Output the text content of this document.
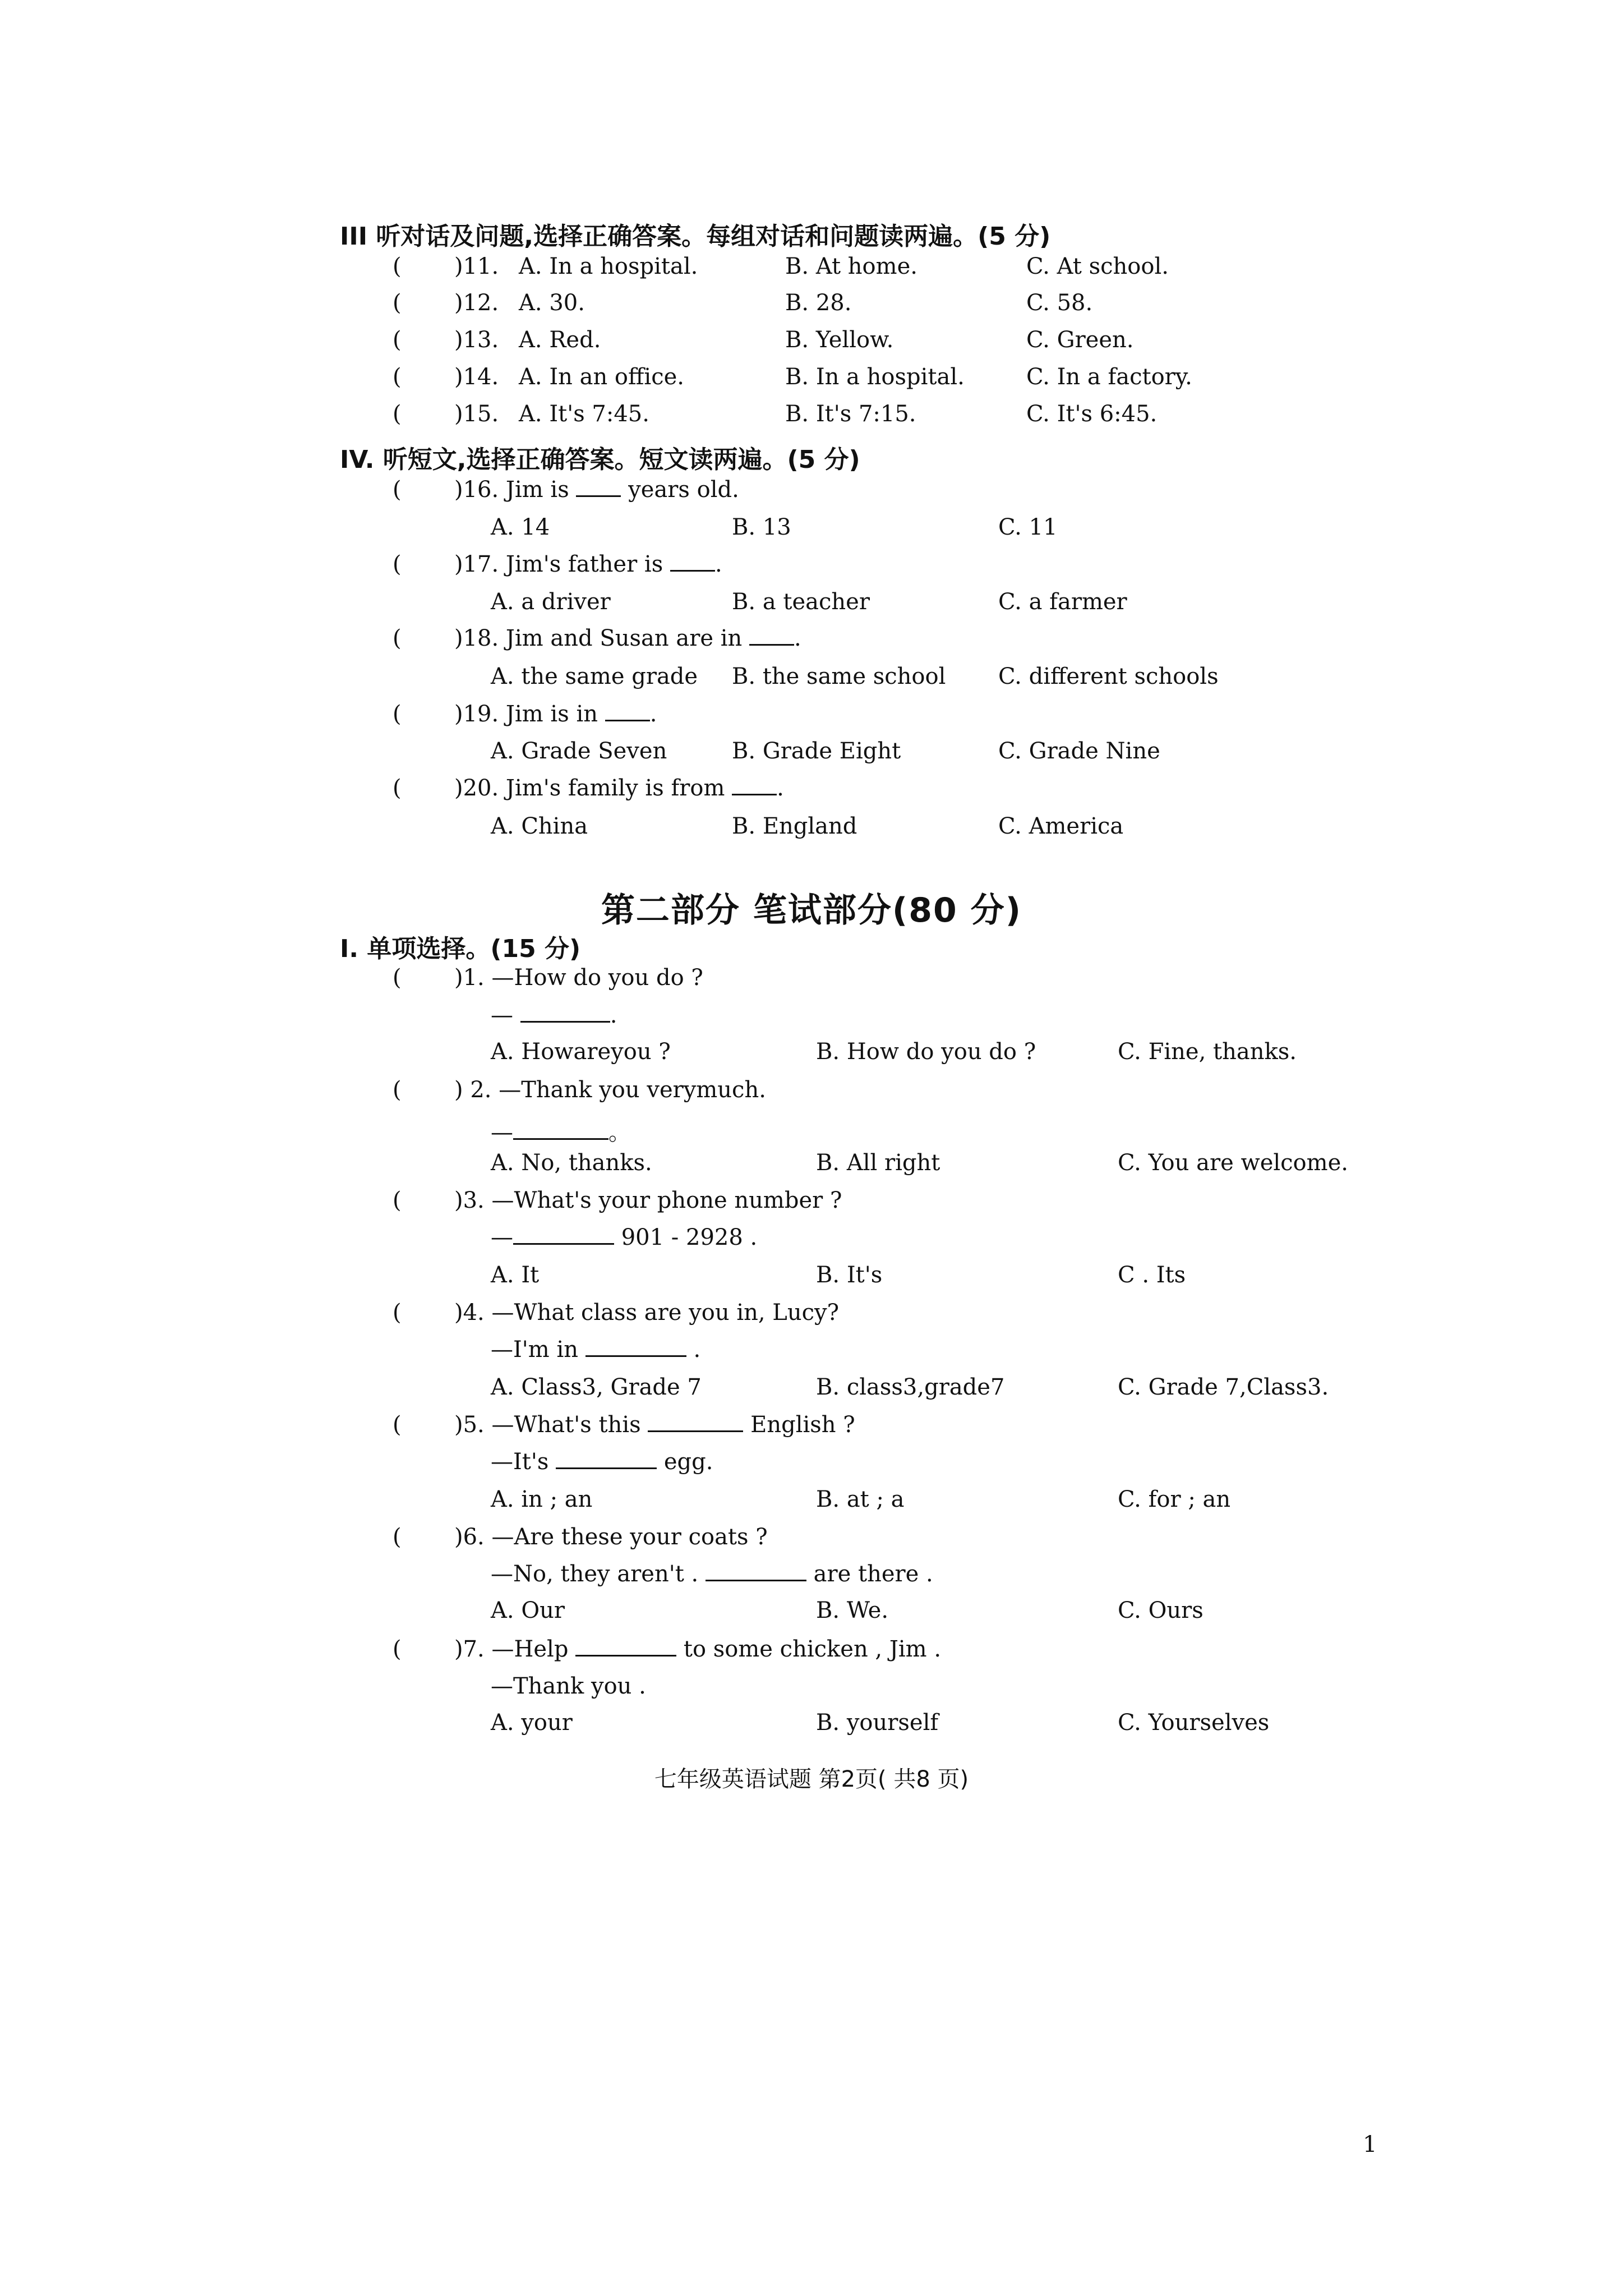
III 听对话及问题,选择正确答案。每组对话和问题读两遍。(5 分)
( )11. A. In a hospital.	B. At home.	C. At school.
( )12. A. 30.	B. 28.	C. 58.
( )13. A. Red.	B. Yellow.	C. Green.
( )14. A. In an office.	B. In a hospital.	C. In a factory.
( )15. A. It's 7:45.	B. It's 7:15.	C. It's 6:45.
IV. 听短文,选择正确答案。短文读两遍。(5 分)
( )16. Jim is	years old.
A. 14	B. 13	C. 11
( )17. Jim's father is .
A. a driver	B. a teacher	C. a farmer
( )18. Jim and Susan are in .
A. the same grade B. the same school C. different schools
( )19. Jim is in .
A. Grade Seven	B. Grade Eight	C. Grade Nine
( )20. Jim's family is from .
A. China	B. England	C. America
第二部分 笔试部分(80 分)
I. 单项选择。(15 分)
( )1. —How do you do ?
—	.
A. Howareyou ?	B. How do you do ?	C. Fine, thanks.
( ) 2. —Thank you verymuch.
—	。
A. No, thanks.	B. All right	C. You are welcome.
( )3. —What's your phone number ?
—	901 - 2928 .
A. It	B. It's	C . Its
( )4. —What class are you in, Lucy?
—I'm in	.
A. Class3, Grade 7	B. class3,grade7	C. Grade 7,Class3.
( )5. —What's this	English ?
—It's	egg.
A. in ; an	B. at ; a	C. for ; an
( )6. —Are these your coats ?
—No, they aren't .	are there .
A. Our	B. We.	C. Ours
( )7. —Help	to some chicken , Jim .
—Thank you .
A. your	B. yourself	C. Yourselves
七年级英语试题 第2页( 共8 页)
1
